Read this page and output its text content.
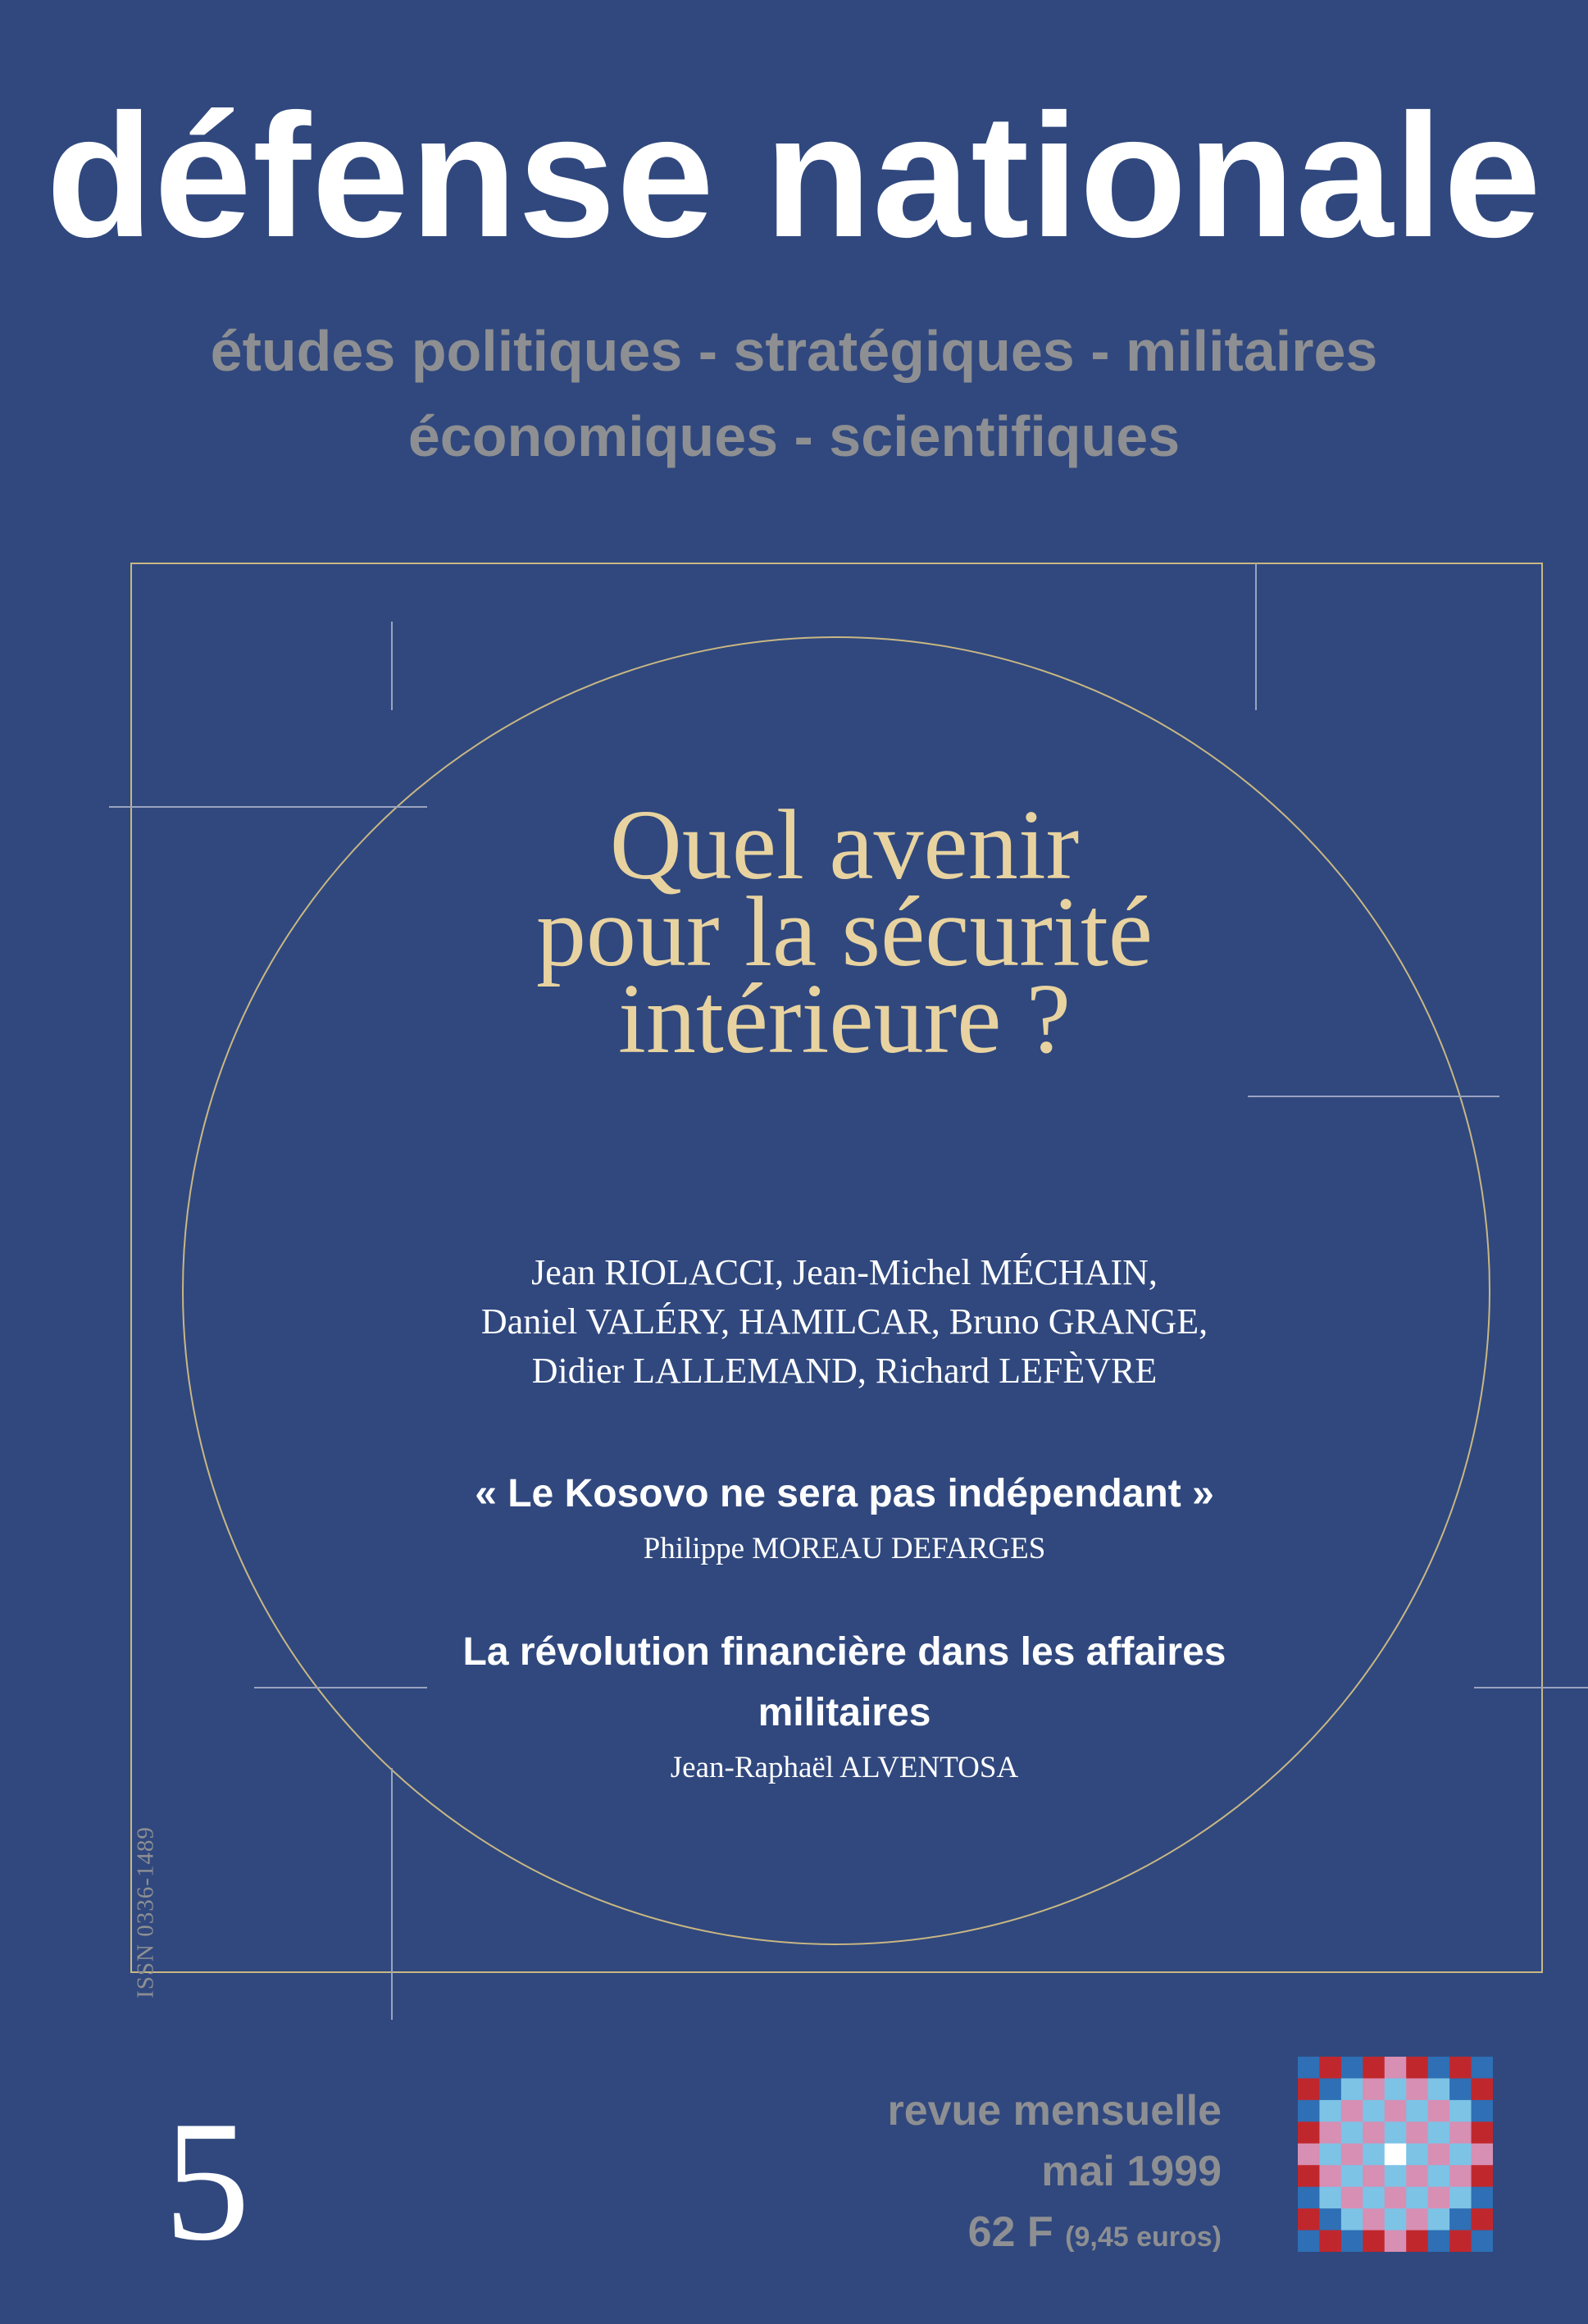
défense nationale
études politiques - stratégiques - militaires
économiques - scientifiques
Quel avenir
pour la sécurité
intérieure ?

Jean RIOLACCI, Jean-Michel MÉCHAIN,
Daniel VALÉRY, HAMILCAR, Bruno GRANGE,
Didier LALLEMAND, Richard LEFÈVRE

« Le Kosovo ne sera pas indépendant »
Philippe MOREAU DEFARGES
La révolution financière dans les affaires
militaires
Jean-Raphaël ALVENTOSA
ISSN 0336-1489
5	revue mensuelle
mai 1999
62 F (9,45 euros)
